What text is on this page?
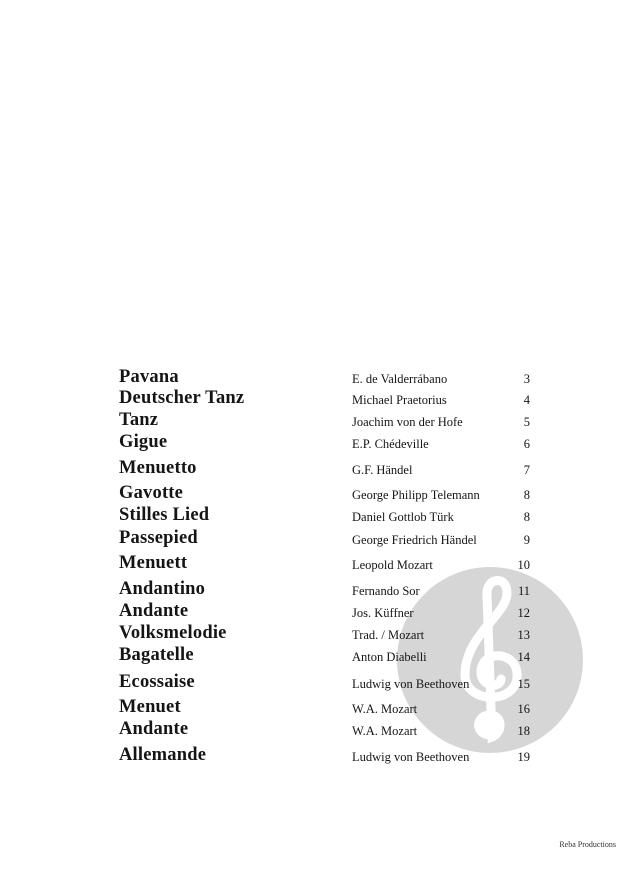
Pavana	E. de Valderrábano	3
Deutscher Tanz	Michael Praetorius	4
Tanz	Joachim von der Hofe	5
Gigue	E.P. Chédeville	6
Menuetto	G.F. Händel	7
Gavotte	George Philipp Telemann	8
Stilles Lied	Daniel Gottlob Türk	8
Passepied	George Friedrich Händel	9
Menuett	Leopold Mozart	10
Andantino	Fernando Sor	11
Andante	Jos. Küffner	12
Volksmelodie	Trad. / Mozart	13
Bagatelle	Anton Diabelli	14
Ecossaise	Ludwig von Beethoven	15
Menuet	W.A. Mozart	16
Andante	W.A. Mozart	18
Allemande	Ludwig von Beethoven	19
Reba Productions
